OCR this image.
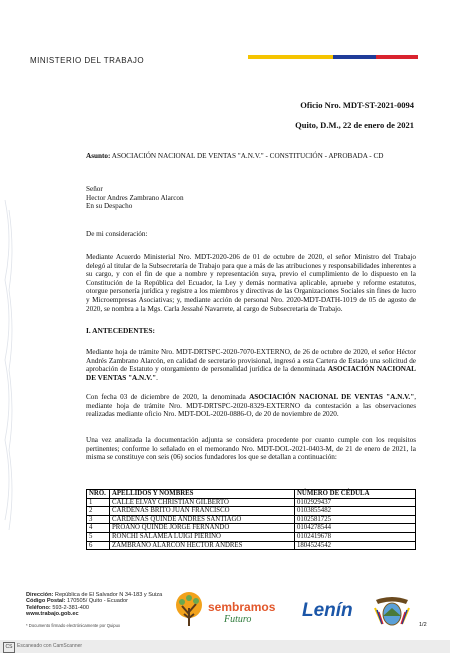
MINISTERIO DEL TRABAJO
Oficio Nro. MDT-ST-2021-0094
Quito, D.M., 22 de enero de 2021
Asunto: ASOCIACIÓN NACIONAL DE VENTAS "A.N.V." - CONSTITUCIÓN - APROBADA - CD
Señor
Hector Andres Zambrano Alarcon
En su Despacho
De mi consideración:
Mediante Acuerdo Ministerial Nro. MDT-2020-206 de 01 de octubre de 2020, el señor Ministro del Trabajo delegó al titular de la Subsecretaría de Trabajo para que a más de las atribuciones y responsabilidades inherentes a su cargo, y con el fin de que a nombre y representación suya, previo el cumplimiento de lo dispuesto en la Constitución de la República del Ecuador, la Ley y demás normativa aplicable, apruebe y reforme estatutos, otorgue personería jurídica y registre a los miembros y directivas de las Organizaciones Sociales sin fines de lucro y Microempresas Asociativas; y, mediante acción de personal Nro. 2020-MDT-DATH-1019 de 05 de agosto de 2020, se nombra a la Mgs. Carla Jessahé Navarrete, al cargo de Subsecretaria de Trabajo.
I. ANTECEDENTES:
Mediante hoja de trámite Nro. MDT-DRTSPC-2020-7070-EXTERNO, de 26 de octubre de 2020, el señor Héctor Andrés Zambrano Alarcón, en calidad de secretario provisional, ingresó a esta Cartera de Estado una solicitud de aprobación de Estatuto y otorgamiento de personalidad jurídica de la denominada ASOCIACIÓN NACIONAL DE VENTAS "A.N.V.".
Con fecha 03 de diciembre de 2020, la denominada ASOCIACIÓN NACIONAL DE VENTAS "A.N.V.", mediante hoja de trámite Nro. MDT-DRTSPC-2020-8329-EXTERNO da contestación a las observaciones realizadas mediante oficio Nro. MDT-DOL-2020-0886-O, de 20 de noviembre de 2020.
Una vez analizada la documentación adjunta se considera procedente por cuanto cumple con los requisitos pertinentes; conforme lo señalado en el memorando Nro. MDT-DOL-2021-0403-M, de 21 de enero de 2021, la misma se constituye con seis (06) socios fundadores los que se detallan a continuación:
NRO.	APELLIDOS Y NOMBRES	NÚMERO DE CÉDULA
1	CALLE ELVAY CHRISTIAN GILBERTO	0102929437
2	CARDENAS BRITO JUAN FRANCISCO	0103855482
3	CARDENAS QUINDE ANDRES SANTIAGO	0102581725
4	PROAÑO QUINDE JORGE FERNANDO	0104278544
5	RONCHI SALAMEA LUIGI PIERINO	0102419678
6	ZAMBRANO ALARCON HECTOR ANDRES	1804524542
Dirección: República de El Salvador N 34-183 y Suiza
Código Postal: 170505/ Quito - Ecuador
Teléfono: 593-2-381-400
www.trabajo.gob.ec
* Documento firmado electrónicamente por Quipux
sembramos
Futuro	Lenín
1/2
CS Escaneado con CamScanner
